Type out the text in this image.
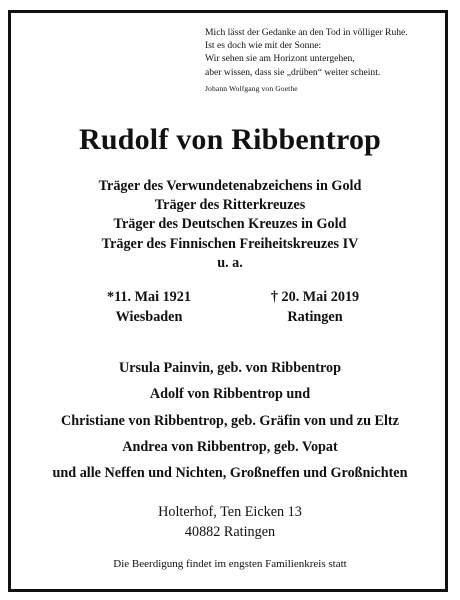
Mich lässt der Gedanke an den Tod in völliger Ruhe.
Ist es doch wie mit der Sonne:
Wir sehen sie am Horizont untergehen,
aber wissen, dass sie „drüben“ weiter scheint.
Johann Wolfgang von Goethe
Rudolf von Ribbentrop
Träger des Verwundetenabzeichens in Gold
Träger des Ritterkreuzes
Träger des Deutschen Kreuzes in Gold
Träger des Finnischen Freiheitskreuzes IV
u. a.
*11. Mai 1921
Wiesbaden
† 20. Mai 2019
Ratingen
Ursula Painvin, geb. von Ribbentrop
Adolf von Ribbentrop und
Christiane von Ribbentrop, geb. Gräfin von und zu Eltz
Andrea von Ribbentrop, geb. Vopat
und alle Neffen und Nichten, Großneffen und Großnichten
Holterhof, Ten Eicken 13
40882 Ratingen
Die Beerdigung findet im engsten Familienkreis statt
